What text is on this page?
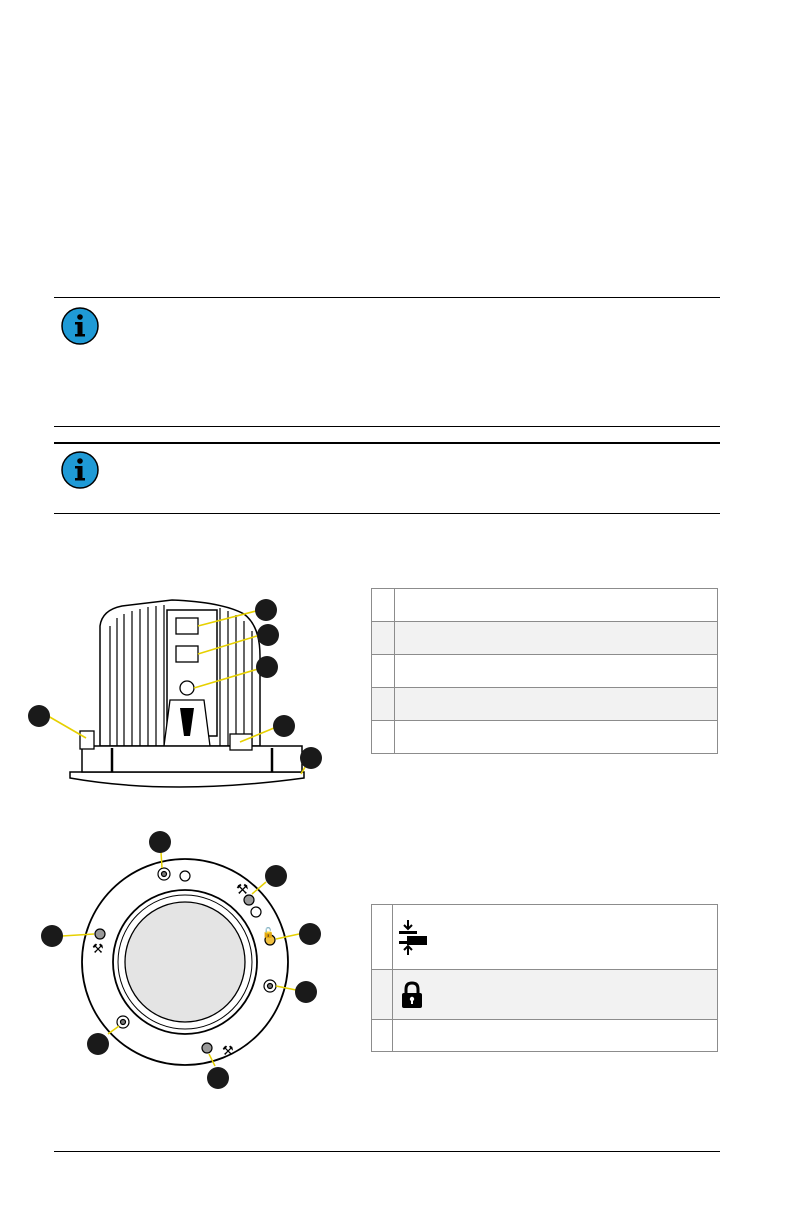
⚒
⚒
⚒
🔓
